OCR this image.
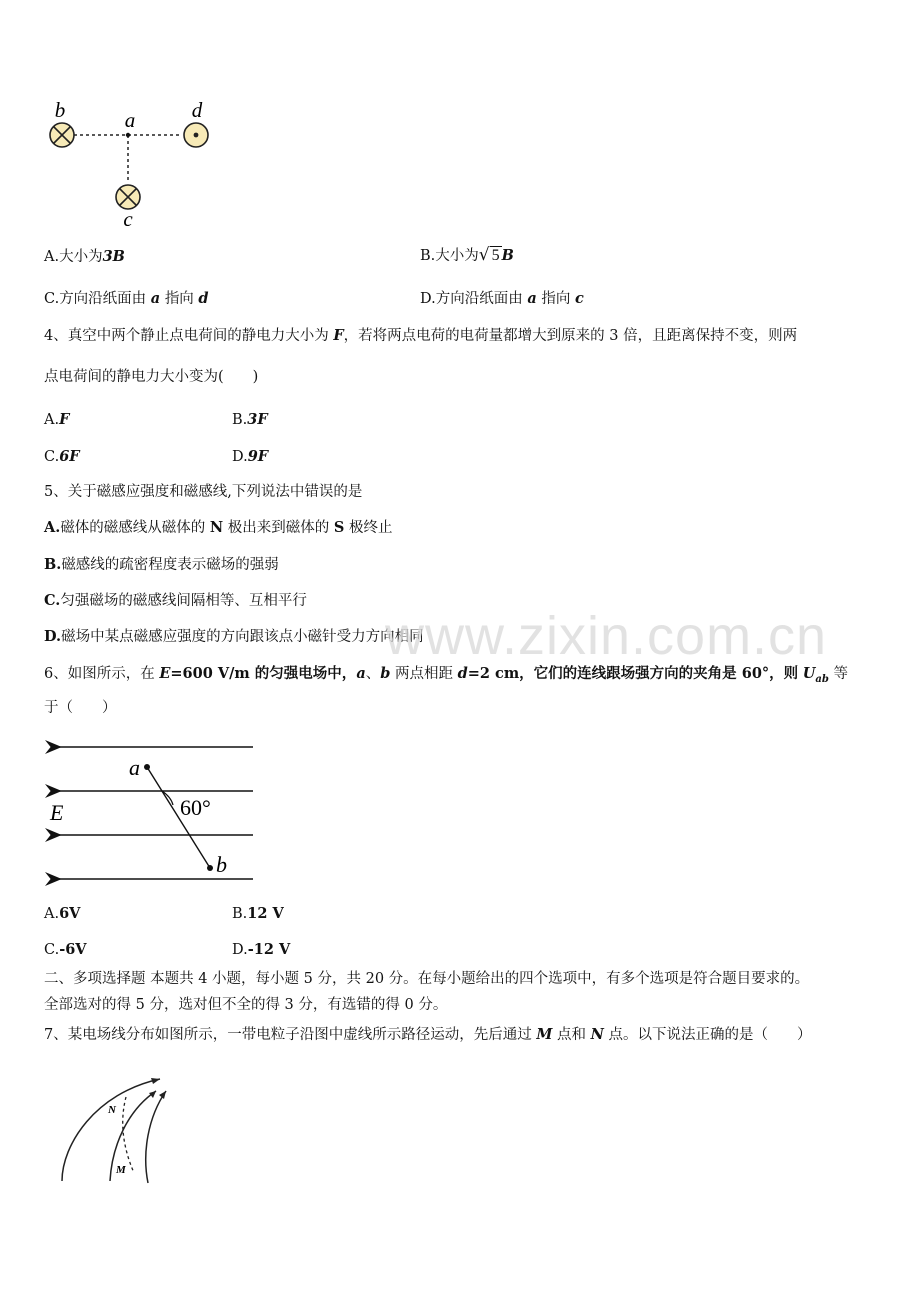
b	a	d
c
A.大小为3B	B.大小为√ 5 B
C.方向沿纸面由 a 指向 d	D.方向沿纸面由 a 指向 c
4、真空中两个静止点电荷间的静电力大小为 F，若将两点电荷的电荷量都增大到原来的 3 倍，且距离保持不变，则两
点电荷间的静电力大小变为(　　)
A.F	B.3F
C.6F	D.9F
5、关于磁感应强度和磁感线,下列说法中错误的是
A.磁体的磁感线从磁体的 N 极出来到磁体的 S 极终止
B.磁感线的疏密程度表示磁场的强弱
C.匀强磁场的磁感线间隔相等、互相平行
D.磁场中某点磁感应强度的方向跟该点小磁针受力方向相同
www.zixin.com.cn
6、如图所示，在 E=600 V/m 的匀强电场中，a、b 两点相距 d=2 cm，它们的连线跟场强方向的夹角是 60°，则 $U_{ab}$ 等
于（　　）
a
b
E	60°
A.6V	B.12 V
C.-6V	D.-12 V
二、多项选择题 本题共 4 小题，每小题 5 分，共 20 分。在每小题给出的四个选项中，有多个选项是符合题目要求的。
全部选对的得 5 分，选对但不全的得 3 分，有选错的得 0 分。
7、某电场线分布如图所示，一带电粒子沿图中虚线所示路径运动，先后通过 M 点和 N 点。以下说法正确的是（　　）
N
M
